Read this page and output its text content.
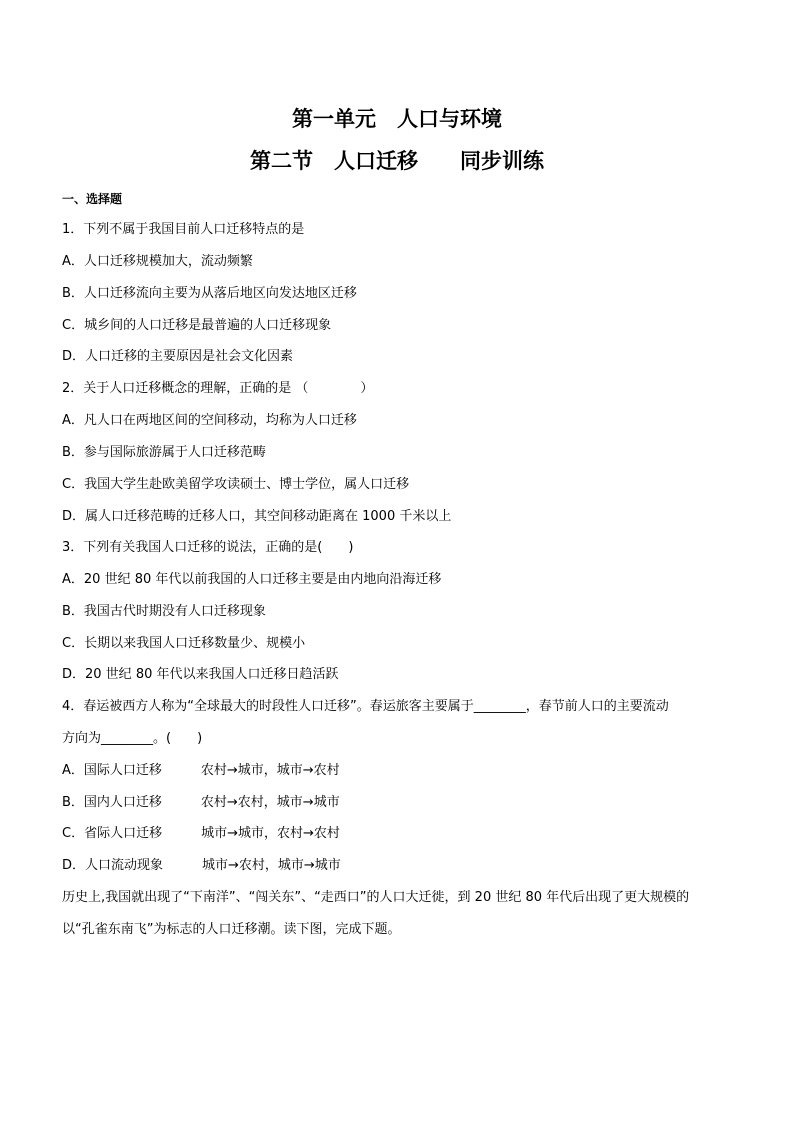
第一单元　人口与环境
第二节　人口迁移　　同步训练
一、选择题
1．下列不属于我国目前人口迁移特点的是
A．人口迁移规模加大，流动频繁
B．人口迁移流向主要为从落后地区向发达地区迁移
C．城乡间的人口迁移是最普遍的人口迁移现象
D．人口迁移的主要原因是社会文化因素
2．关于人口迁移概念的理解，正确的是 （　　　　）
A．凡人口在两地区间的空间移动，均称为人口迁移
B．参与国际旅游属于人口迁移范畴
C．我国大学生赴欧美留学攻读硕士、博士学位，属人口迁移
D．属人口迁移范畴的迁移人口，其空间移动距离在 1000 千米以上
3．下列有关我国人口迁移的说法，正确的是(　　)
A．20 世纪 80 年代以前我国的人口迁移主要是由内地向沿海迁移
B．我国古代时期没有人口迁移现象
C．长期以来我国人口迁移数量少、规模小
D．20 世纪 80 年代以来我国人口迁移日趋活跃
4．春运被西方人称为“全球最大的时段性人口迁移”。春运旅客主要属于________，春节前人口的主要流动
方向为________。(　　)
A．国际人口迁移　　　农村→城市，城市→农村
B．国内人口迁移　　　农村→农村，城市→城市
C．省际人口迁移　　　城市→城市，农村→农村
D．人口流动现象　　　城市→农村，城市→城市
历史上,我国就出现了“下南洋”、“闯关东”、“走西口”的人口大迁徙，到 20 世纪 80 年代后出现了更大规模的
以“孔雀东南飞”为标志的人口迁移潮。读下图，完成下题。
